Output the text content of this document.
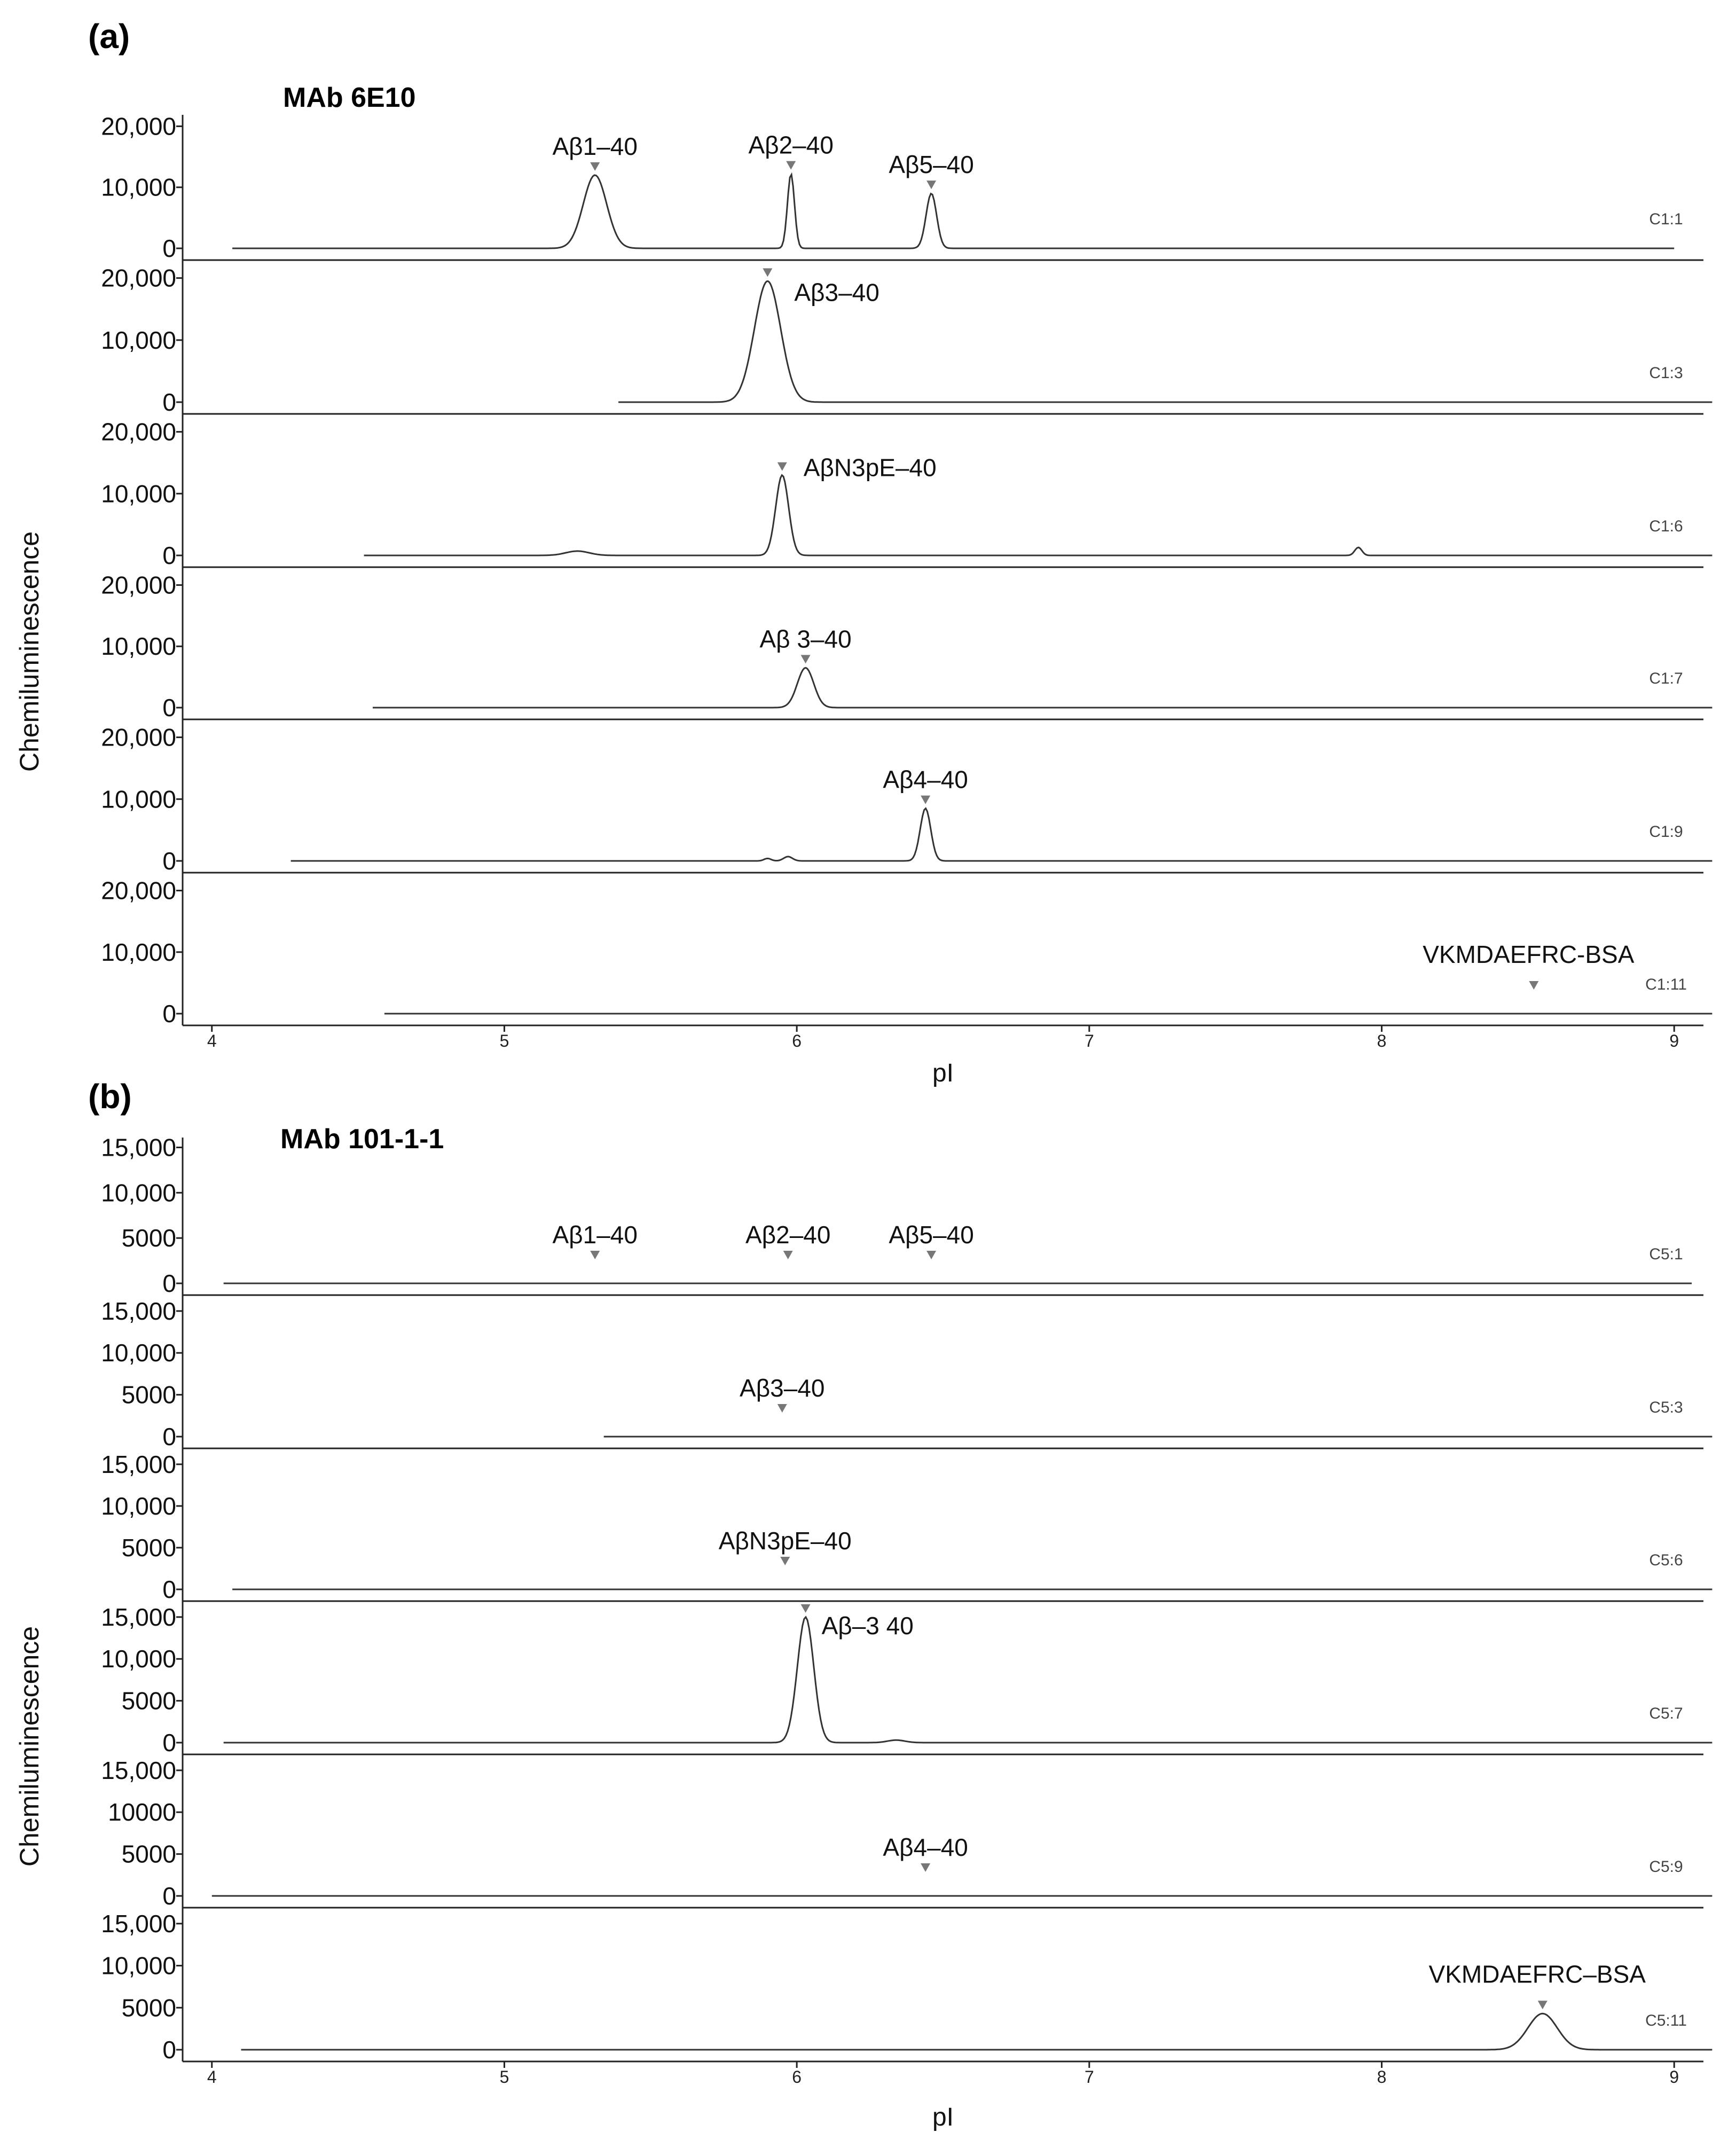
(a)
MAb 6E10
Chemiluminescence
0
10,000
20,000
Aβ1–40	Aβ2–40
Aβ5–40
C1:1
0
10,000
20,000
Aβ3–40
C1:3
0
10,000
20,000
AβN3pE–40
C1:6
0
10,000
20,000
Aβ 3–40
C1:7
0
10,000
20,000
Aβ4–40
C1:9
0
10,000
20,000
VKMDAEFRC-BSA
C1:11
4	5	6	7	8	9
pI
(b)
MAb 101-1-1
Chemiluminescence
0
5000
10,000
15,000
Aβ1–40	Aβ2–40 Aβ5–40
C5:1
0
5000
10,000
15,000
Aβ3–40
C5:3
0
5000
10,000
15,000
AβN3pE–40
C5:6
0
5000
10,000
15,000	Aβ–3 40
C5:7
0
5000
10000
15,000
Aβ4–40
C5:9
0
5000
10,000
15,000
VKMDAEFRC–BSA
C5:11
4	5	6	7	8	9
pI
